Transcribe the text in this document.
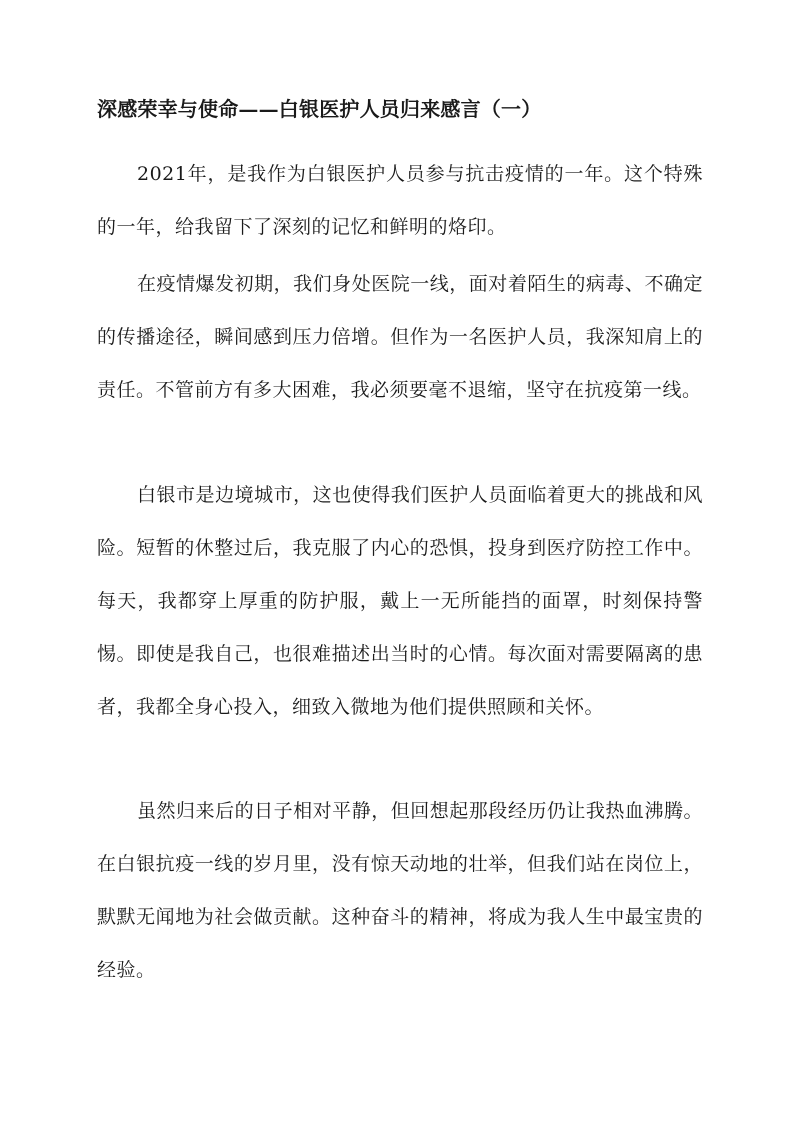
深感荣幸与使命——白银医护人员归来感言（一）

2021年，是我作为白银医护人员参与抗击疫情的一年。这个特殊的一年，给我留下了深刻的记忆和鲜明的烙印。

在疫情爆发初期，我们身处医院一线，面对着陌生的病毒、不确定的传播途径，瞬间感到压力倍增。但作为一名医护人员，我深知肩上的责任。不管前方有多大困难，我必须要毫不退缩，坚守在抗疫第一线。

白银市是边境城市，这也使得我们医护人员面临着更大的挑战和风险。短暂的休整过后，我克服了内心的恐惧，投身到医疗防控工作中。每天，我都穿上厚重的防护服，戴上一无所能挡的面罩，时刻保持警惕。即使是我自己，也很难描述出当时的心情。每次面对需要隔离的患者，我都全身心投入，细致入微地为他们提供照顾和关怀。

虽然归来后的日子相对平静，但回想起那段经历仍让我热血沸腾。在白银抗疫一线的岁月里，没有惊天动地的壮举，但我们站在岗位上，默默无闻地为社会做贡献。这种奋斗的精神，将成为我人生中最宝贵的经验。
